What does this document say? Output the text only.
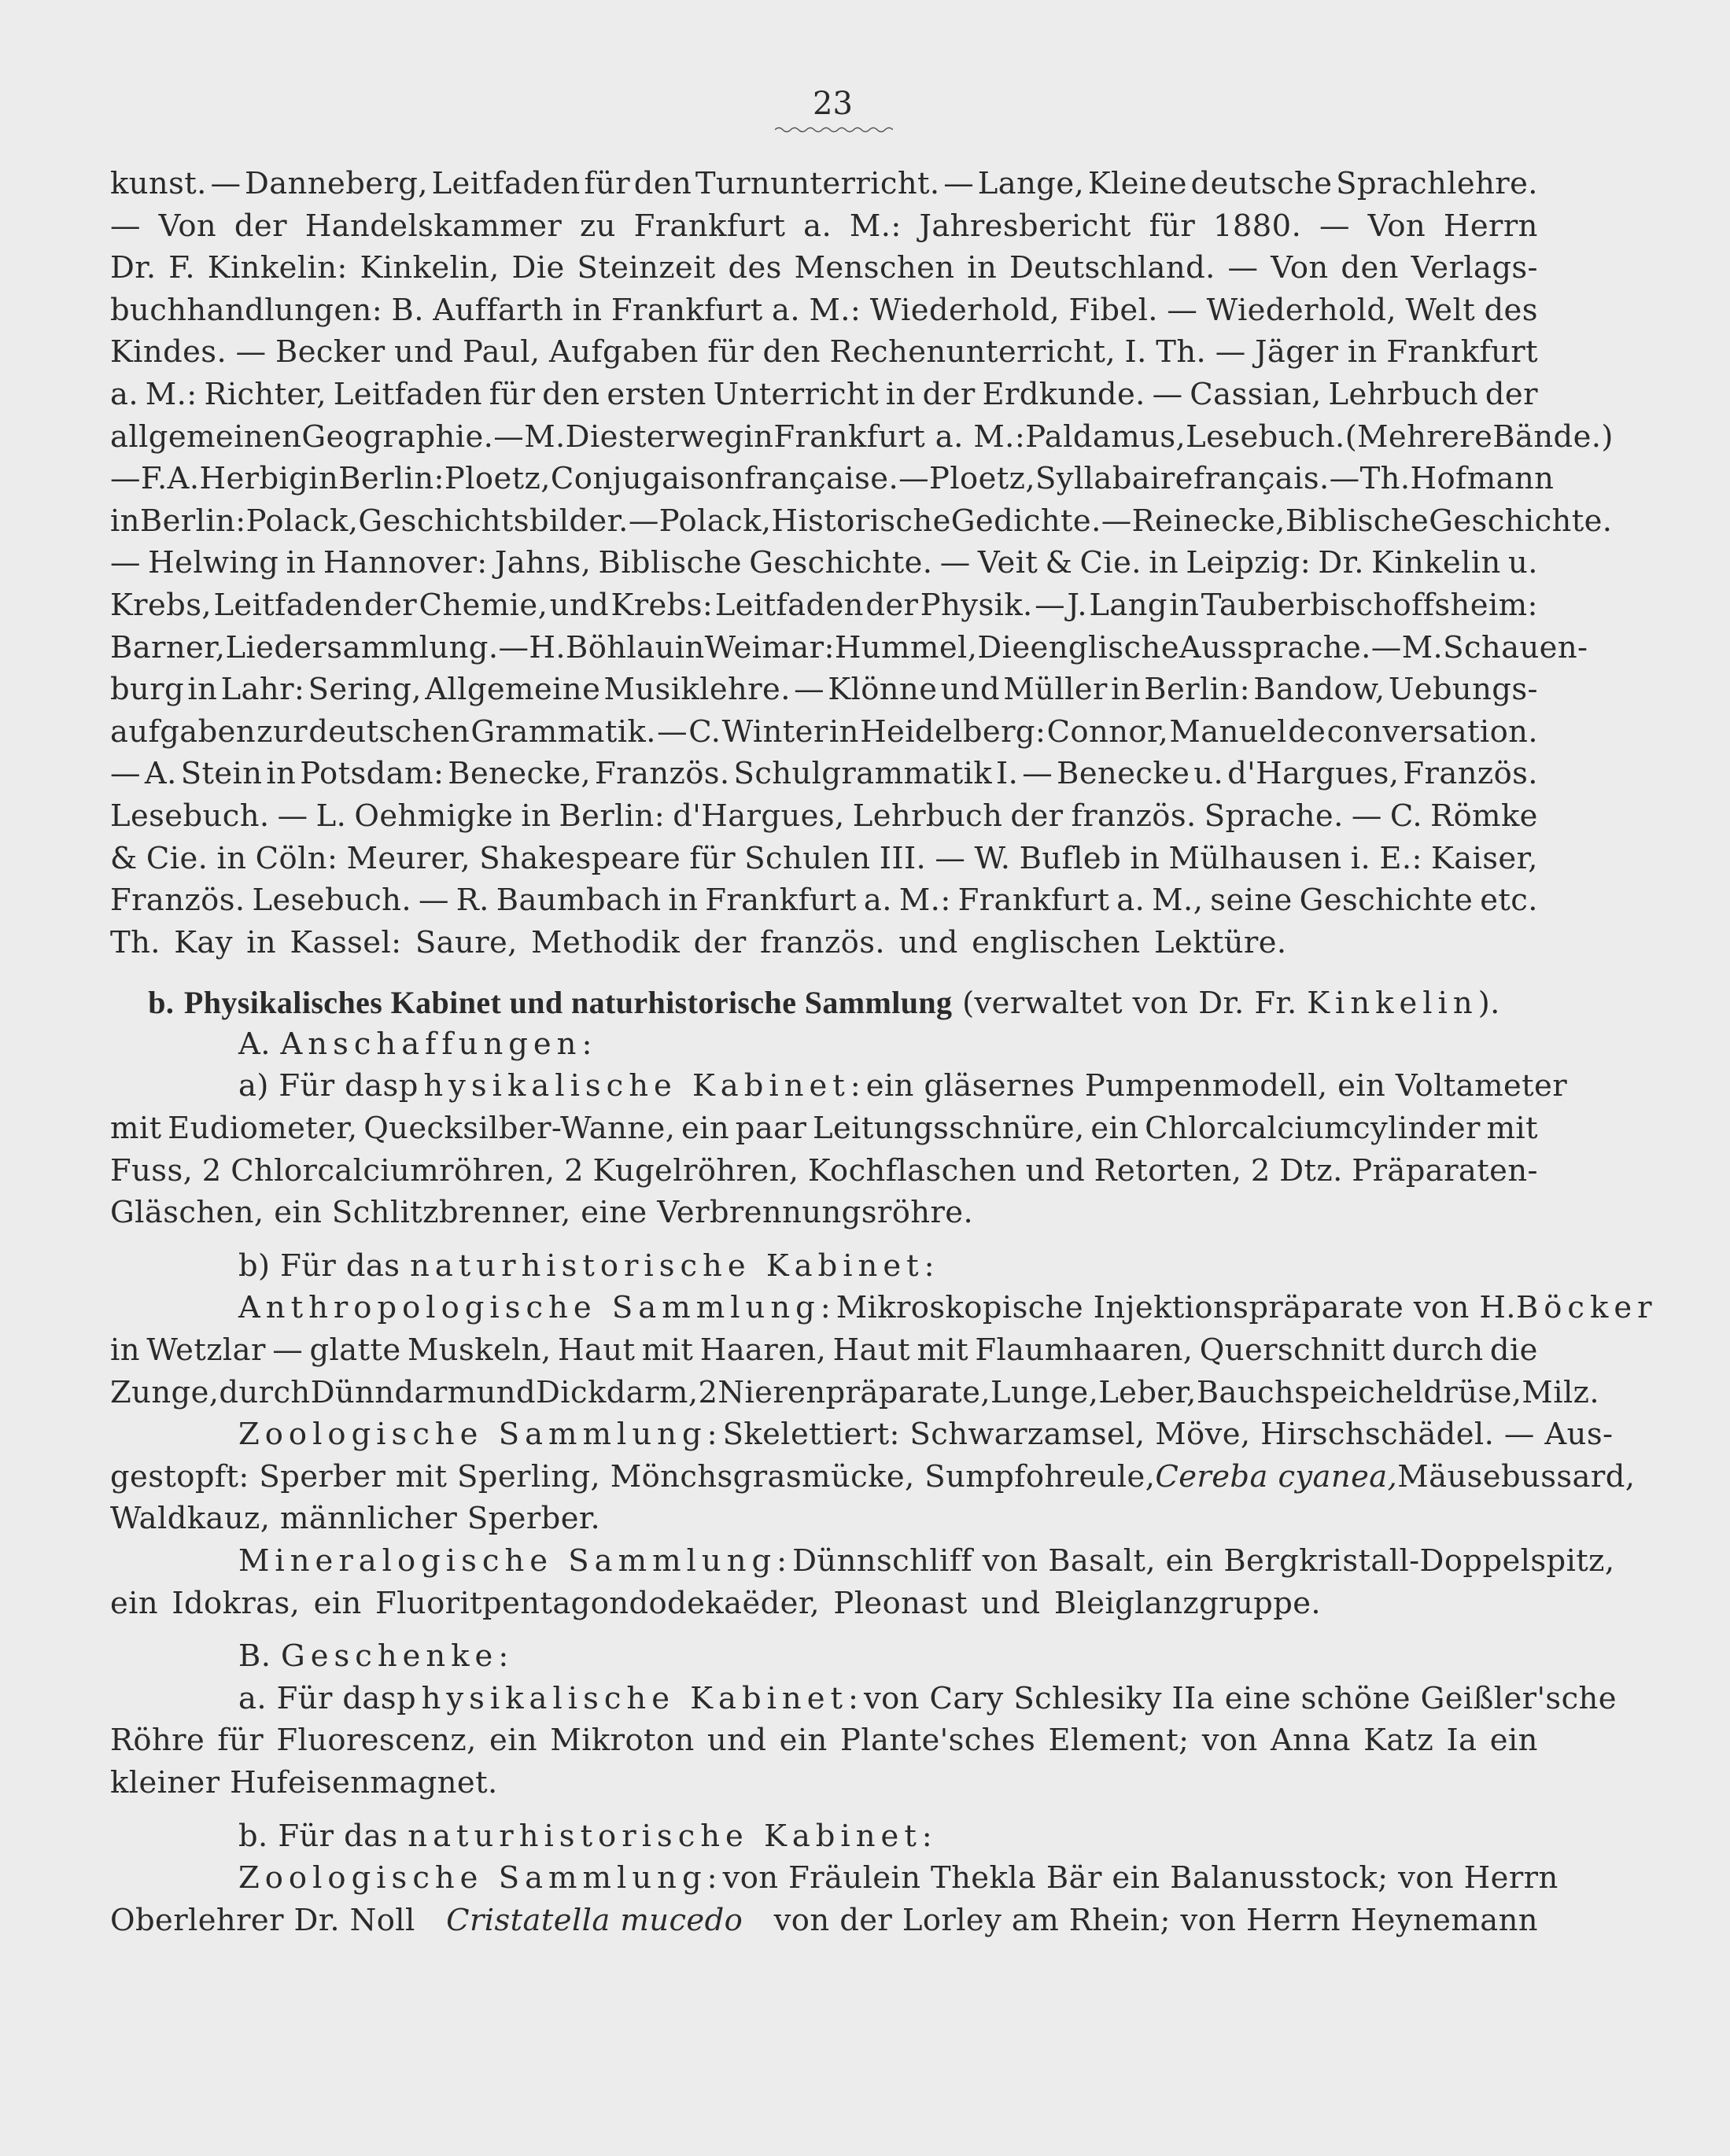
23
kunst. — Danneberg, Leitfaden für den Turnunterricht. — Lange, Kleine deutsche Sprachlehre.
— Von der Handelskammer zu Frankfurt a. M.: Jahresbericht für 1880. — Von Herrn
Dr. F. Kinkelin: Kinkelin, Die Steinzeit des Menschen in Deutschland. — Von den Verlags-
buchhandlungen: B. Auffarth in Frankfurt a. M.: Wiederhold, Fibel. — Wiederhold, Welt des
Kindes. — Becker und Paul, Aufgaben für den Rechenunterricht, I. Th. — Jäger in Frankfurt
a. M.: Richter, Leitfaden für den ersten Unterricht in der Erdkunde. — Cassian, Lehrbuch der
allgemeinen Geographie. — M. Diesterweg in Frankfurt a. M.: Paldamus, Lesebuch. (Mehrere Bände.)
— F. A. Herbig in Berlin: Ploetz, Conjugaison française. — Ploetz, Syllabaire français. — Th. Hofmann
in Berlin: Polack, Geschichtsbilder. — Polack, Historische Gedichte. — Reinecke, Biblische Geschichte.
— Helwing in Hannover: Jahns, Biblische Geschichte. — Veit & Cie. in Leipzig: Dr. Kinkelin u.
Krebs, Leitfaden der Chemie, und Krebs: Leitfaden der Physik. — J. Lang in Tauberbischoffsheim:
Barner, Liedersammlung. — H. Böhlau in Weimar: Hummel, Die englische Aussprache. — M. Schauen-
burg in Lahr: Sering, Allgemeine Musiklehre. — Klönne und Müller in Berlin: Bandow, Uebungs-
aufgaben zur deutschen Grammatik. — C. Winter in Heidelberg: Connor, Manuel de conversation.
— A. Stein in Potsdam: Benecke, Französ. Schulgrammatik I. — Benecke u. d'Hargues, Französ.
Lesebuch. — L. Oehmigke in Berlin: d'Hargues, Lehrbuch der französ. Sprache. — C. Römke
& Cie. in Cöln: Meurer, Shakespeare für Schulen III. — W. Bufleb in Mülhausen i. E.: Kaiser,
Französ. Lesebuch. — R. Baumbach in Frankfurt a. M.: Frankfurt a. M., seine Geschichte etc.
Th. Kay in Kassel: Saure, Methodik der französ. und englischen Lektüre.
b. Physikalisches Kabinet und naturhistorische Sammlung (verwaltet von Dr. Fr. Kinkelin).
A.
Anschaffungen:
a) Für das physikalische Kabinet: ein gläsernes Pumpenmodell, ein Voltameter
mit Eudiometer, Quecksilber-Wanne, ein paar Leitungsschnüre, ein Chlorcalciumcylinder mit
Fuss, 2 Chlorcalciumröhren, 2 Kugelröhren, Kochflaschen und Retorten, 2 Dtz. Präparaten-
Gläschen, ein Schlitzbrenner, eine Verbrennungsröhre.
b) Für das
naturhistorische Kabinet:
Anthropologische Sammlung: Mikroskopische Injektionspräparate von H. Böcker
in Wetzlar — glatte Muskeln, Haut mit Haaren, Haut mit Flaumhaaren, Querschnitt durch die
Zunge, durch Dünndarm und Dickdarm, 2 Nierenpräparate, Lunge, Leber, Bauchspeicheldrüse, Milz.
Zoologische Sammlung: Skelettiert: Schwarzamsel, Möve, Hirschschädel. — Aus-
gestopft: Sperber mit Sperling, Mönchsgrasmücke, Sumpfohreule, Cereba cyanea, Mäusebussard,
Waldkauz, männlicher Sperber.
Mineralogische Sammlung: Dünnschliff von Basalt, ein Bergkristall-Doppelspitz,
ein Idokras, ein Fluoritpentagondodekaëder, Pleonast und Bleiglanzgruppe.
B.
Geschenke:
a. Für das physikalische Kabinet: von Cary Schlesiky IIa eine schöne Geißler'sche
Röhre für Fluorescenz, ein Mikroton und ein Plante'sches Element; von Anna Katz Ia ein
kleiner Hufeisenmagnet.
b. Für das
naturhistorische Kabinet:
Zoologische Sammlung: von Fräulein Thekla Bär ein Balanusstock; von Herrn
Oberlehrer Dr. Noll Cristatella mucedo von der Lorley am Rhein; von Herrn Heynemann
